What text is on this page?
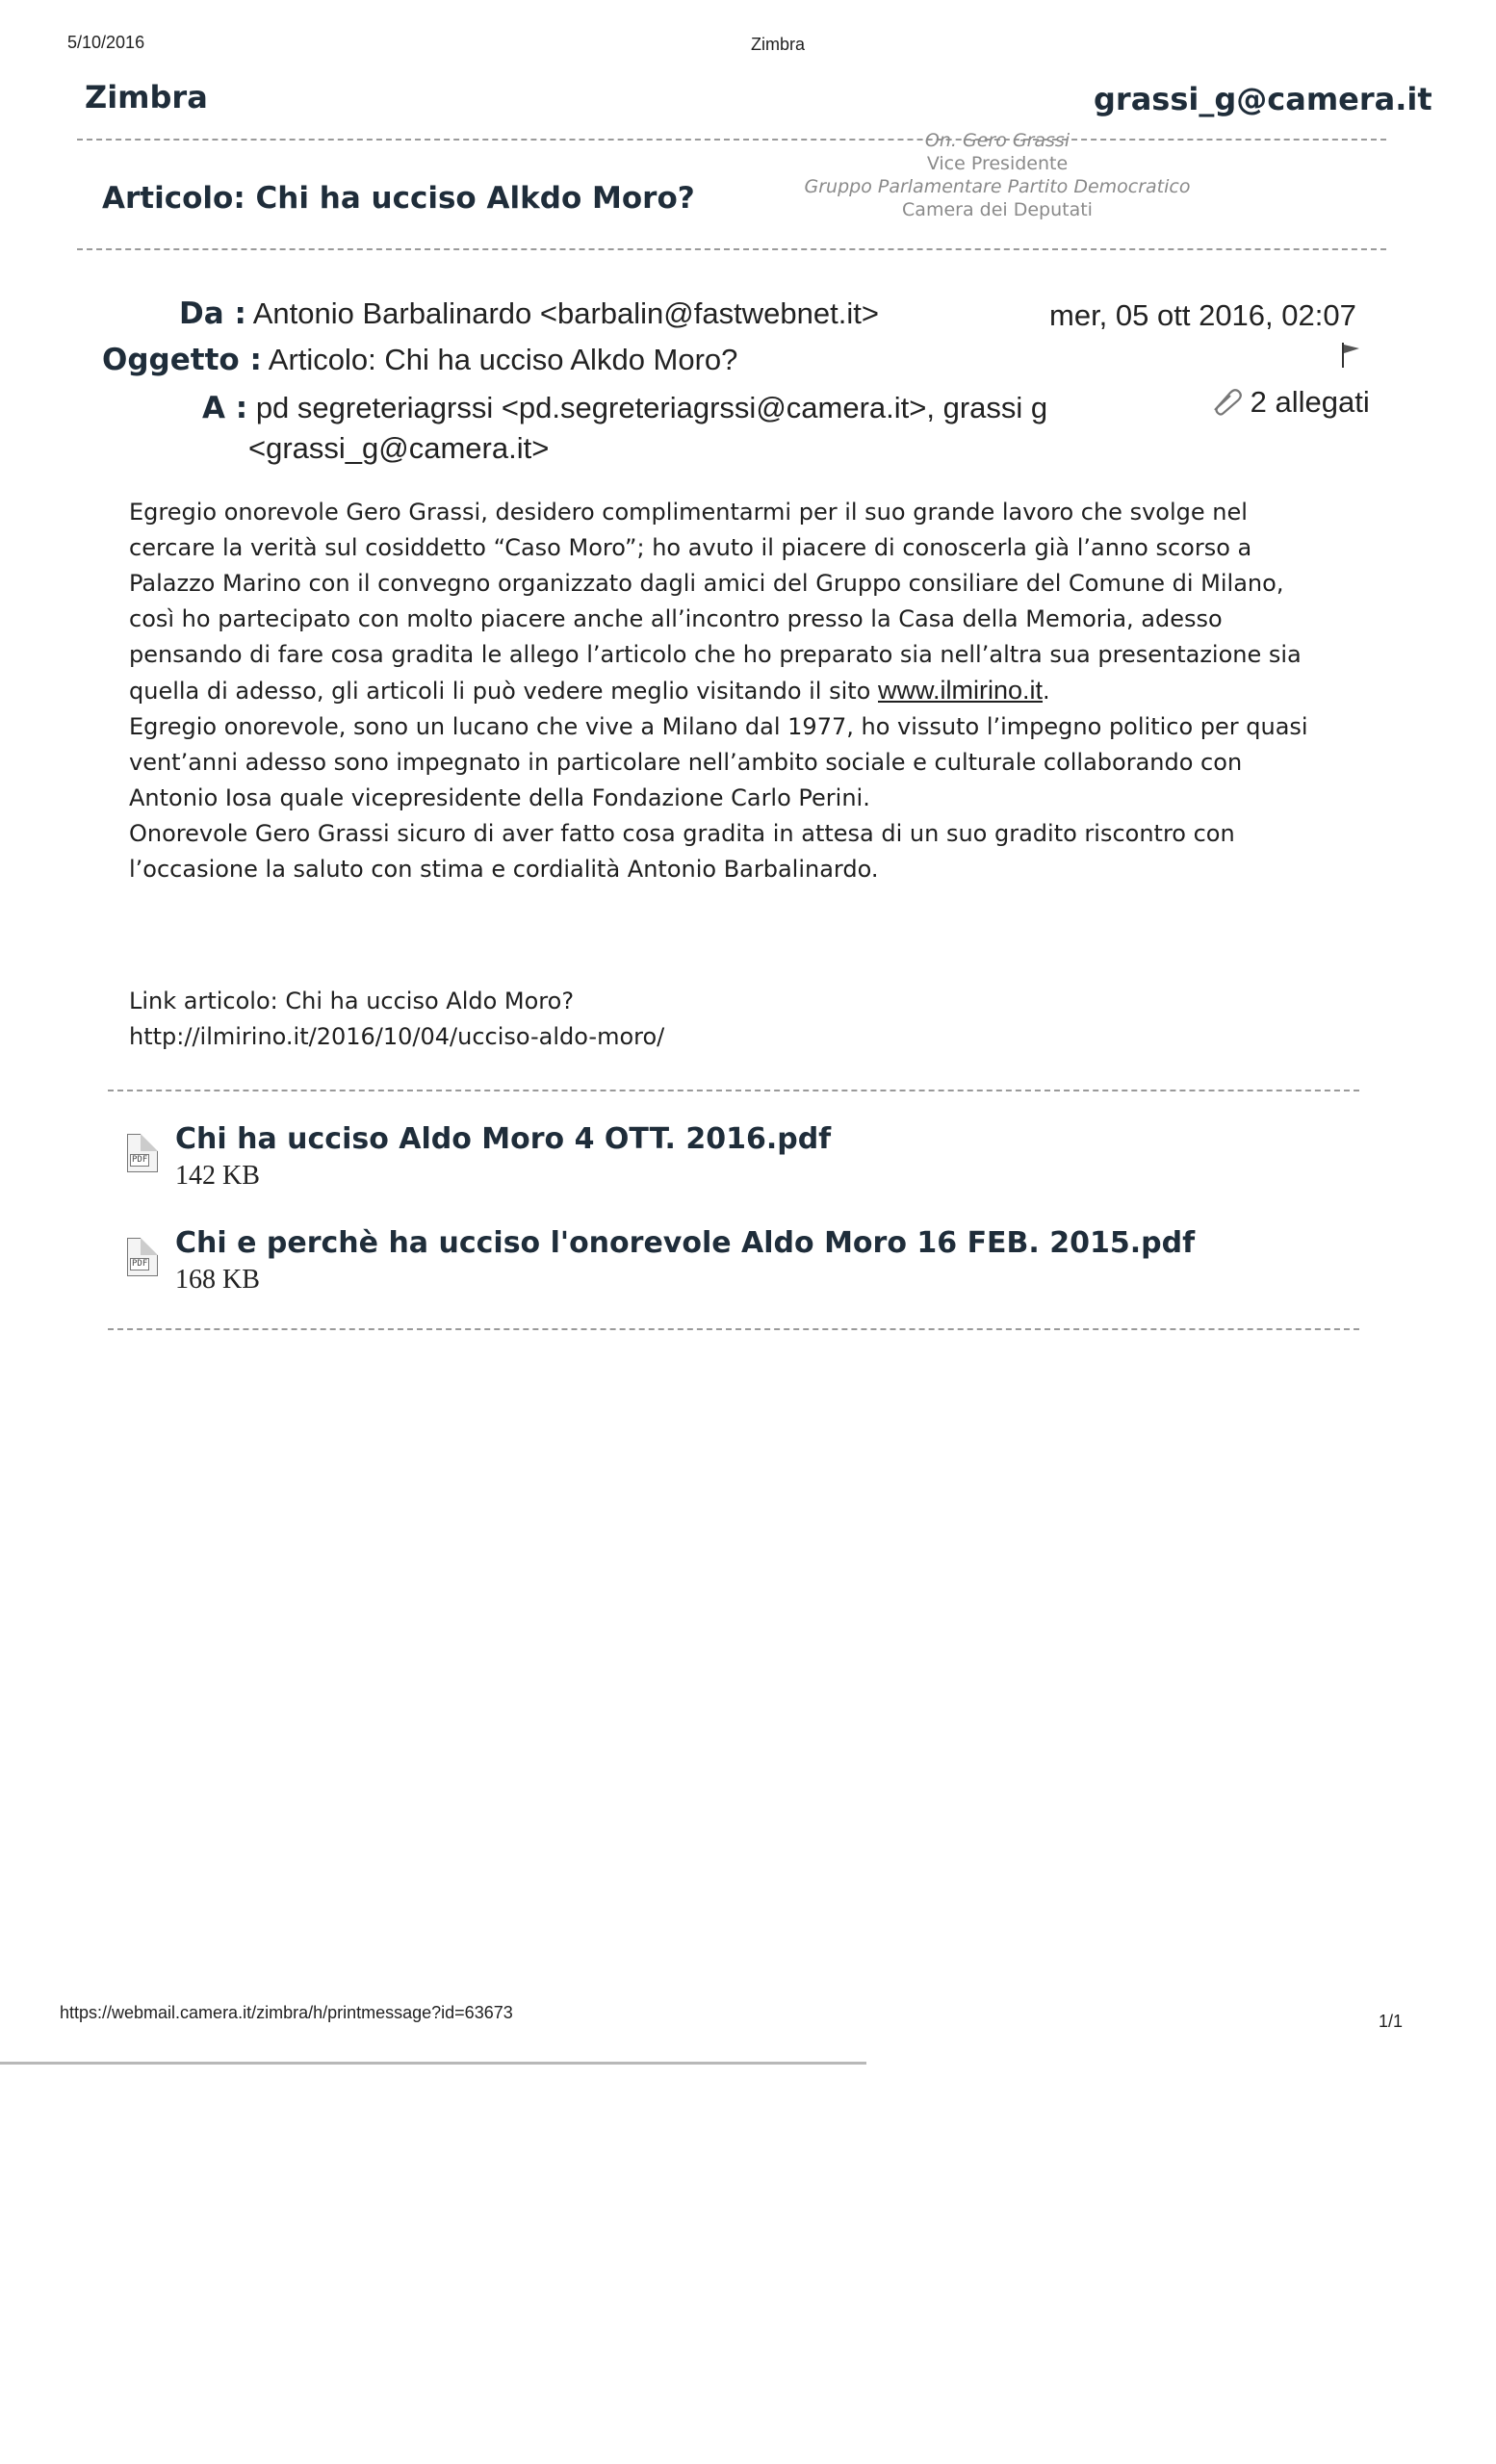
5/10/2016	Zimbra
Zimbra	grassi_g@camera.it
Articolo: Chi ha ucciso Alkdo Moro?
On. Gero Grassi
Vice Presidente
Gruppo Parlamentare Partito Democratico
Camera dei Deputati
Da : Antonio Barbalinardo <barbalin@fastwebnet.it>
Oggetto : Articolo: Chi ha ucciso Alkdo Moro?
A : pd segreteriagrssi <pd.segreteriagrssi@camera.it>, grassi g
<grassi_g@camera.it>
mer, 05 ott 2016, 02:07
2 allegati
Egregio onorevole Gero Grassi, desidero complimentarmi per il suo grande lavoro che svolge nel
cercare la verità sul cosiddetto “Caso Moro”; ho avuto il piacere di conoscerla già l’anno scorso a
Palazzo Marino con il convegno organizzato dagli amici del Gruppo consiliare del Comune di Milano,
così ho partecipato con molto piacere anche all’incontro presso la Casa della Memoria, adesso
pensando di fare cosa gradita le allego l’articolo che ho preparato sia nell’altra sua presentazione sia
quella di adesso, gli articoli li può vedere meglio visitando il sito www.ilmirino.it.
Egregio onorevole, sono un lucano che vive a Milano dal 1977, ho vissuto l’impegno politico per quasi
vent’anni adesso sono impegnato in particolare nell’ambito sociale e culturale collaborando con
Antonio Iosa quale vicepresidente della Fondazione Carlo Perini.
Onorevole Gero Grassi sicuro di aver fatto cosa gradita in attesa di un suo gradito riscontro con
l’occasione la saluto con stima e cordialità Antonio Barbalinardo.
Link articolo: Chi ha ucciso Aldo Moro?
http://ilmirino.it/2016/10/04/ucciso-aldo-moro/
PDF
Chi ha ucciso Aldo Moro 4 OTT. 2016.pdf
142 KB
PDF
Chi e perchè ha ucciso l'onorevole Aldo Moro 16 FEB. 2015.pdf
168 KB
https://webmail.camera.it/zimbra/h/printmessage?id=63673	1/1
